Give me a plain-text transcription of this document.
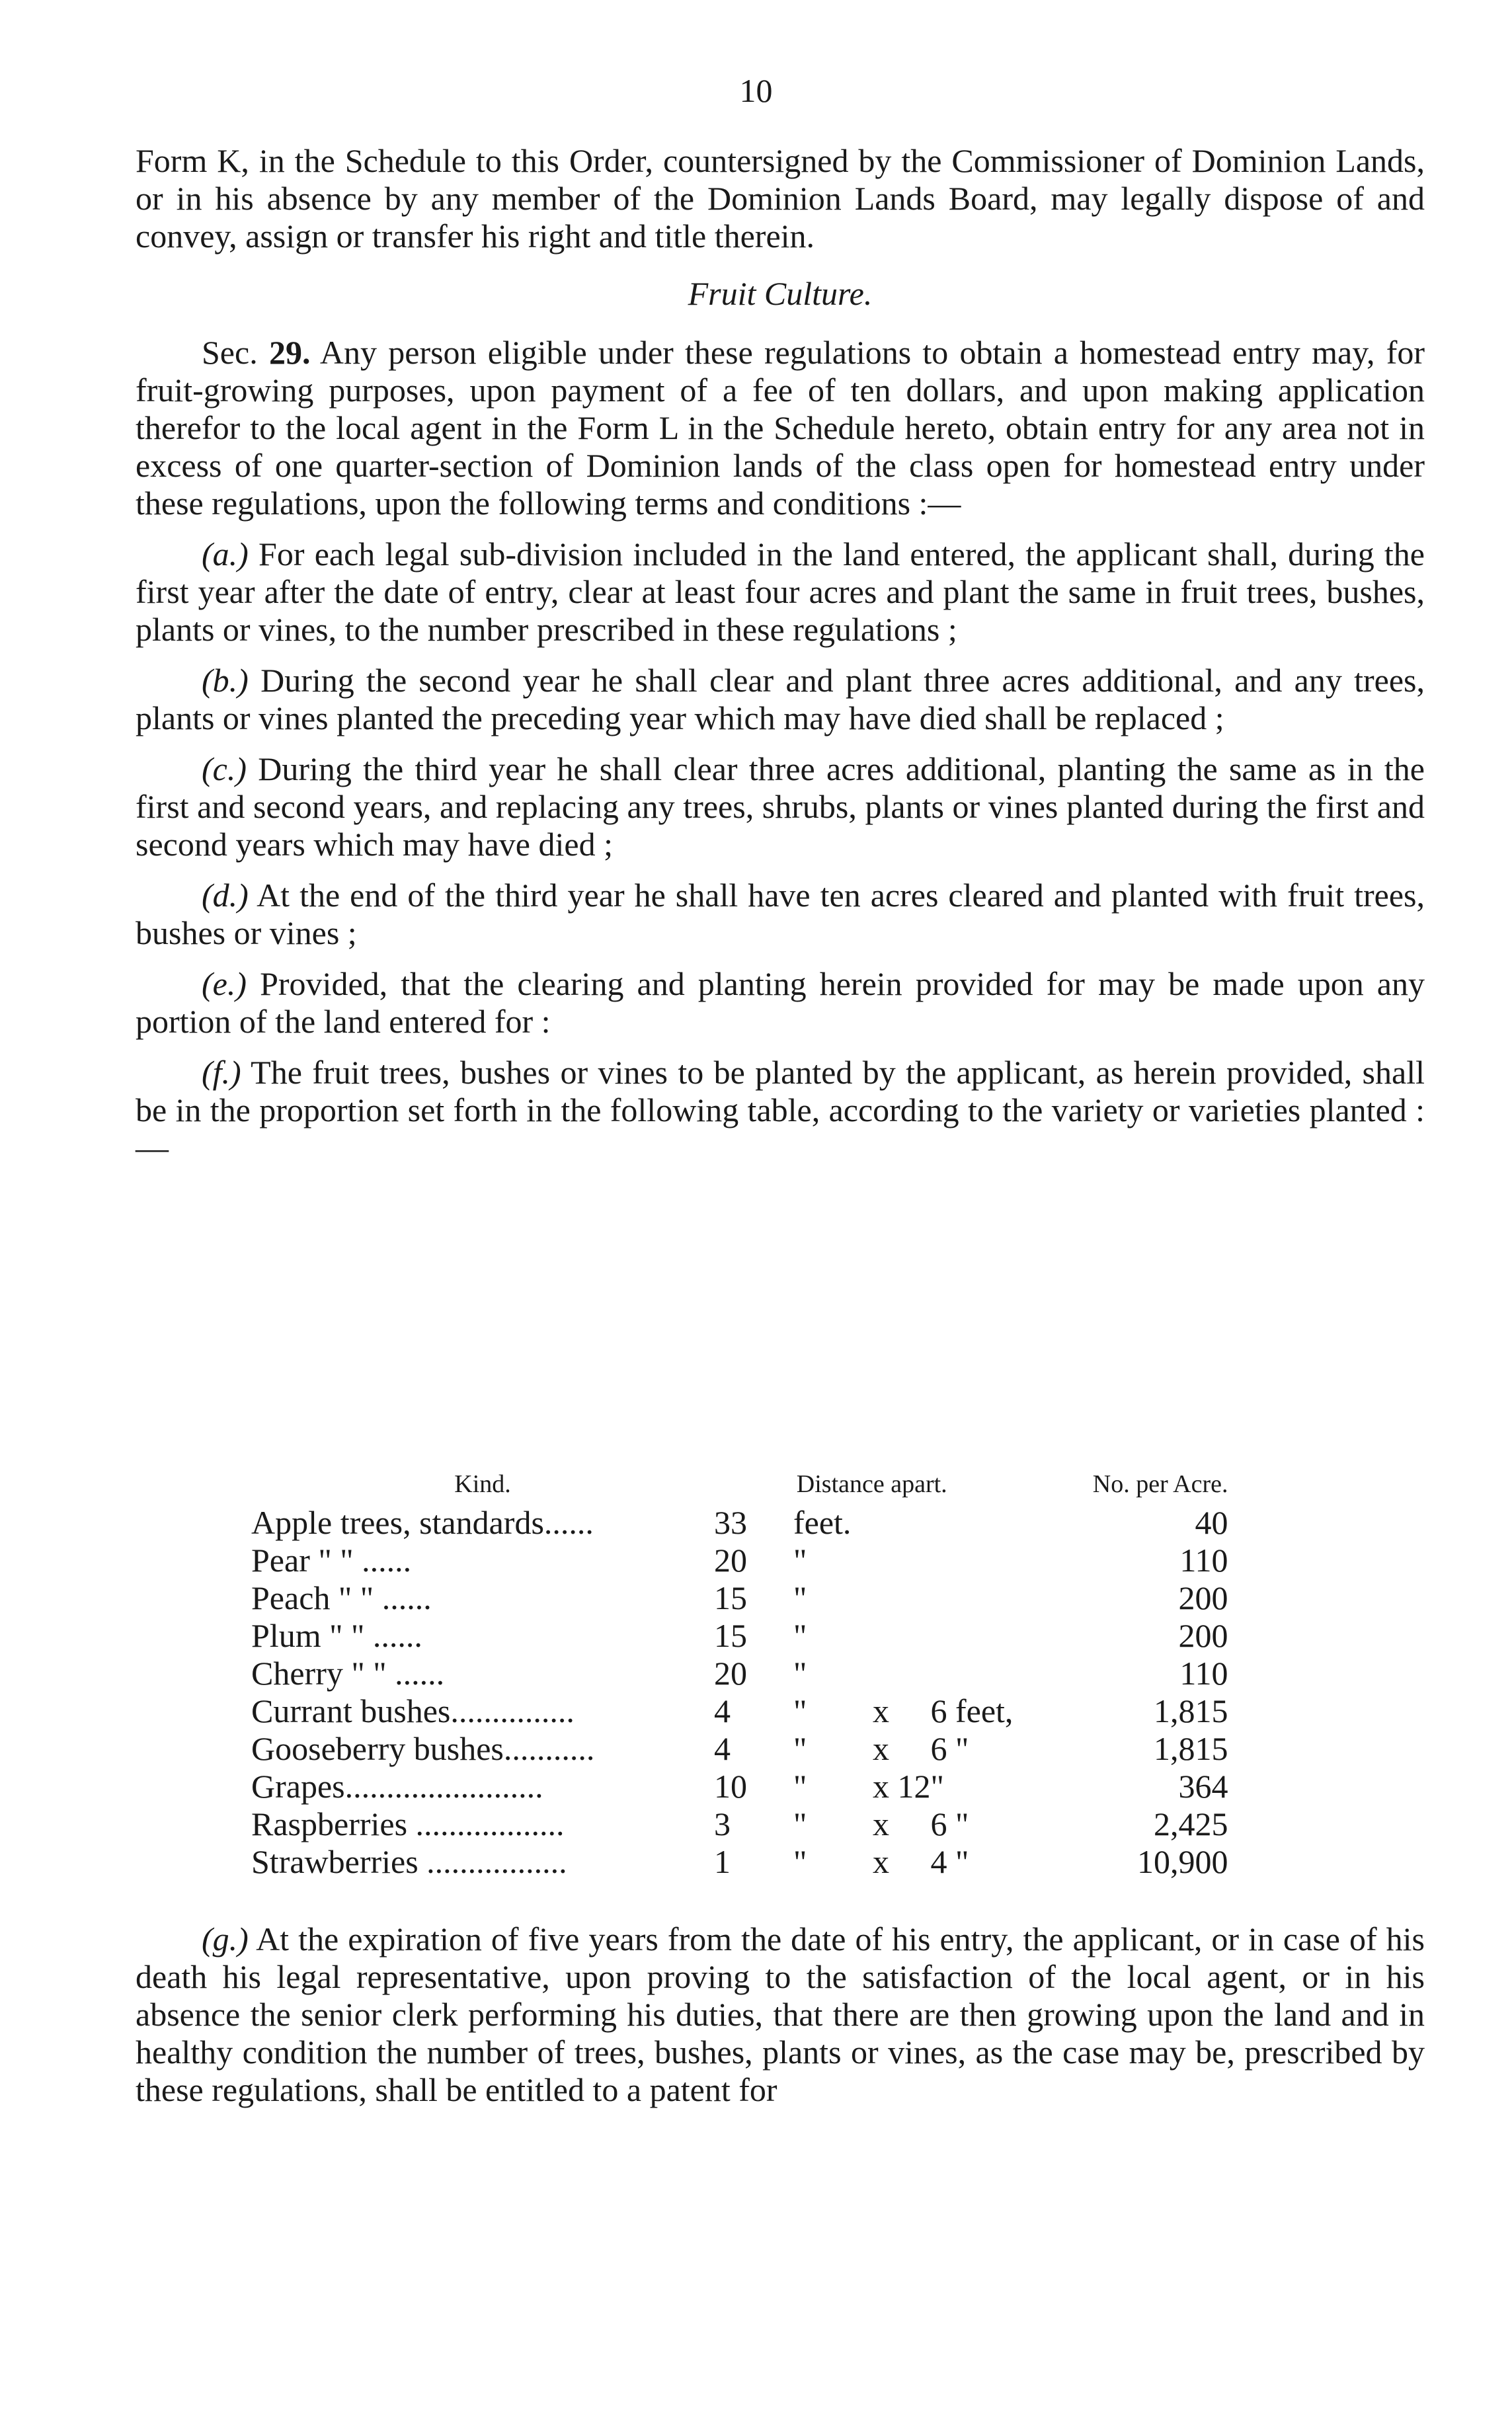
10

Form K, in the Schedule to this Order, countersigned by the Commissioner of Dominion Lands, or in his absence by any member of the Dominion Lands Board, may legally dispose of and convey, assign or transfer his right and title therein.

Fruit Culture.

Sec. 29. Any person eligible under these regulations to obtain a homestead entry may, for fruit-growing purposes, upon payment of a fee of ten dollars, and upon making application therefor to the local agent in the Form L in the Schedule hereto, obtain entry for any area not in excess of one quarter-section of Dominion lands of the class open for homestead entry under these regulations, upon the following terms and conditions :—

(a.) For each legal sub-division included in the land entered, the applicant shall, during the first year after the date of entry, clear at least four acres and plant the same in fruit trees, bushes, plants or vines, to the number prescribed in these regulations ;

(b.) During the second year he shall clear and plant three acres additional, and any trees, plants or vines planted the preceding year which may have died shall be replaced ;

(c.) During the third year he shall clear three acres additional, planting the same as in the first and second years, and replacing any trees, shrubs, plants or vines planted during the first and second years which may have died ;

(d.) At the end of the third year he shall have ten acres cleared and planted with fruit trees, bushes or vines ;

(e.) Provided, that the clearing and planting herein provided for may be made upon any portion of the land entered for :

(f.) The fruit trees, bushes or vines to be planted by the applicant, as herein provided, shall be in the proportion set forth in the following table, according to the variety or varieties planted :—

Kind.	Distance apart.				No. per Acre.
Apple trees, standards......	33	feet.			40
Pear " " ......	20	"			110
Peach " " ......	15	"			200
Plum " " ......	15	"			200
Cherry " " ......	20	"			110
Currant bushes...............	4	"	x	6 feet,	1,815
Gooseberry bushes...........	4	"	x	6 "	1,815
Grapes........................	10	"	x 12	"	364
Raspberries ..................	3	"	x	6 "	2,425
Strawberries .................	1	"	x	4 "	10,900

(g.) At the expiration of five years from the date of his entry, the applicant, or in case of his death his legal representative, upon proving to the satisfaction of the local agent, or in his absence the senior clerk performing his duties, that there are then growing upon the land and in healthy condition the number of trees, bushes, plants or vines, as the case may be, prescribed by these regulations, shall be entitled to a patent for
